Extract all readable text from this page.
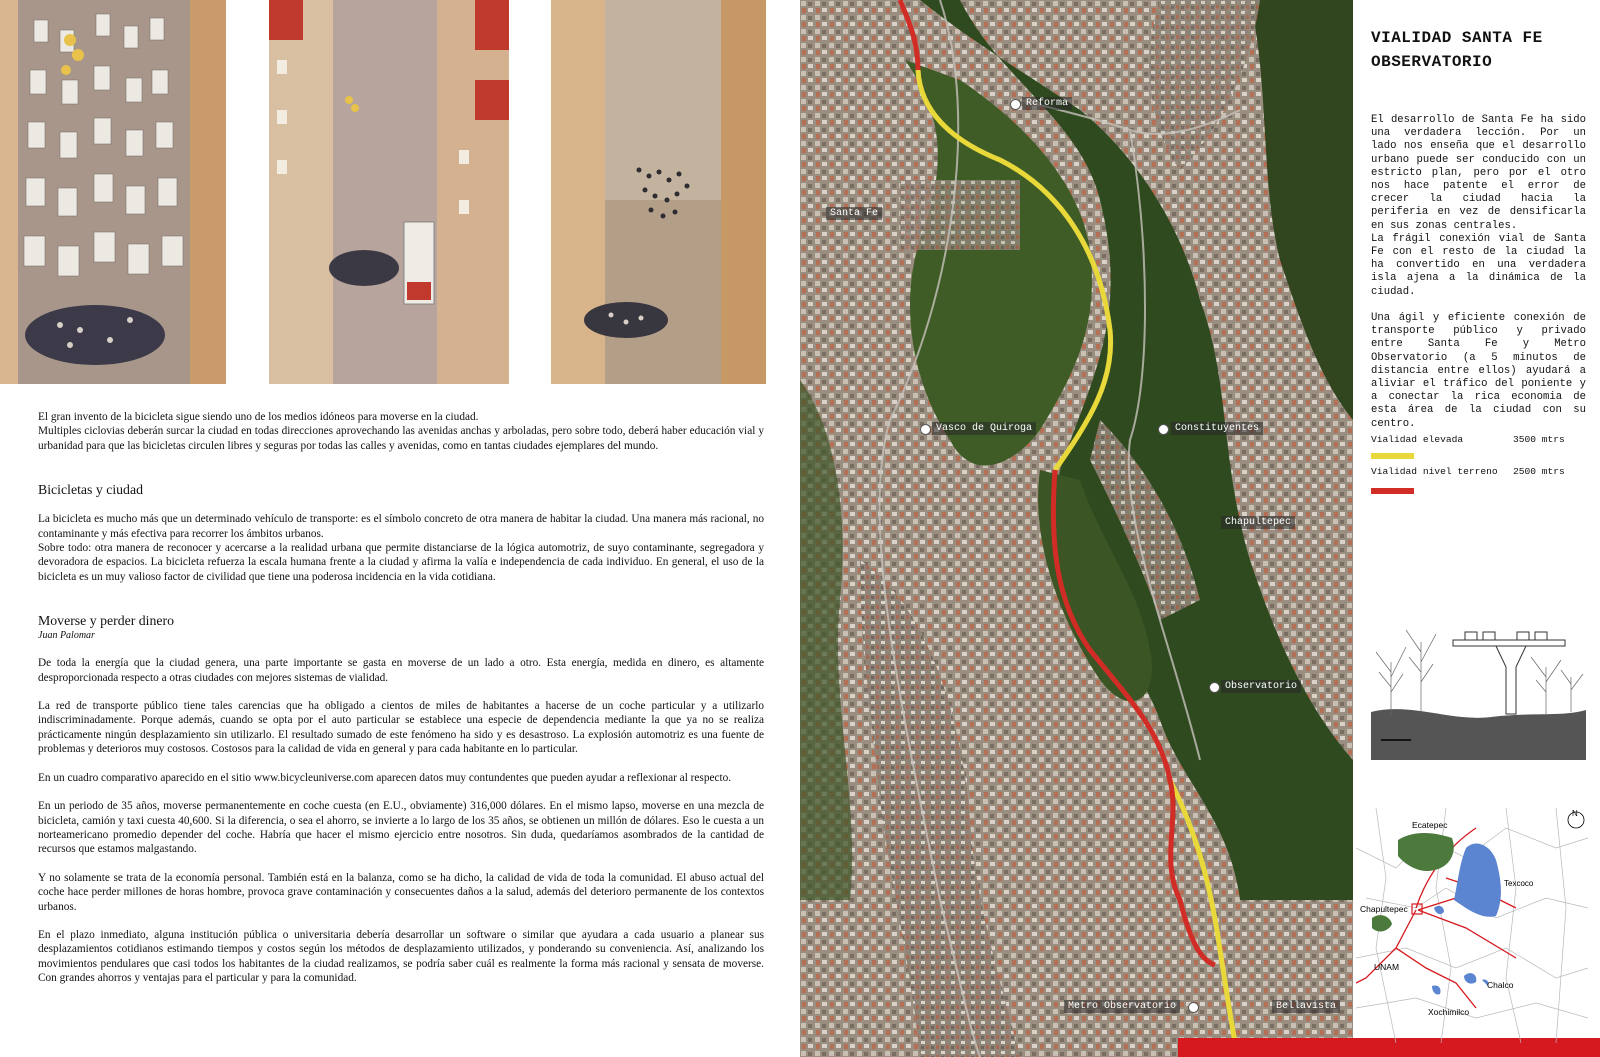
El gran invento de la bicicleta sigue siendo uno de los medios idóneos para moverse en la ciudad.

Multiples ciclovias deberán surcar la ciudad en todas direcciones aprovechando las avenidas anchas y arboladas, pero sobre todo, deberá haber educación vial y urbanidad para que las bicicletas circulen libres y seguras por todas las calles y avenidas, como en tantas ciudades ejemplares del mundo.

Bicicletas y ciudad

La bicicleta es mucho más que un determinado vehículo de transporte: es el símbolo concreto de otra manera de habitar la ciudad. Una manera más racional, no contaminante y más efectiva para recorrer los ámbitos urbanos.

Sobre todo: otra manera de reconocer y acercarse a la realidad urbana que permite distanciarse de la lógica automotriz, de suyo contaminante, segregadora y devoradora de espacios. La bicicleta refuerza la escala humana frente a la ciudad y afirma la valía e independencia de cada individuo. En general, el uso de la bicicleta es un muy valioso factor de civilidad que tiene una poderosa incidencia en la vida cotidiana.

Moverse y perder dinero
Juan Palomar

De toda la energía que la ciudad genera, una parte importante se gasta en moverse de un lado a otro. Esta energía, medida en dinero, es altamente desproporcionada respecto a otras ciudades con mejores sistemas de vialidad.

La red de transporte público tiene tales carencias que ha obligado a cientos de miles de habitantes a hacerse de un coche particular y a utilizarlo indiscriminadamente. Porque además, cuando se opta por el auto particular se establece una especie de dependencia mediante la que ya no se realiza prácticamente ningún desplazamiento sin utilizarlo. El resultado sumado de este fenómeno ha sido y es desastroso. La explosión automotriz es una fuente de problemas y deterioros muy costosos. Costosos para la calidad de vida en general y para cada habitante en lo particular.

En un cuadro comparativo aparecido en el sitio www.bicycleuniverse.com aparecen datos muy contundentes que pueden ayudar a reflexionar al respecto.

En un periodo de 35 años, moverse permanentemente en coche cuesta (en E.U., obviamente) 316,000 dólares. En el mismo lapso, moverse en una mezcla de bicicleta, camión y taxi cuesta 40,600. Si la diferencia, o sea el ahorro, se invierte a lo largo de los 35 años, se obtienen un millón de dólares. Eso le cuesta a un norteamericano promedio depender del coche. Habría que hacer el mismo ejercicio entre nosotros. Sin duda, quedaríamos asombrados de la cantidad de recursos que estamos malgastando.

Y no solamente se trata de la economía personal. También está en la balanza, como se ha dicho, la calidad de vida de toda la comunidad. El abuso actual del coche hace perder millones de horas hombre, provoca grave contaminación y consecuentes daños a la salud, además del deterioro permanente de los contextos urbanos.

En el plazo inmediato, alguna institución pública o universitaria debería desarrollar un software o similar que ayudara a cada usuario a planear sus desplazamientos cotidianos estimando tiempos y costos según los métodos de desplazamiento utilizados, y ponderando su conveniencia. Así, analizando los movimientos pendulares que casi todos los habitantes de la ciudad realizamos, se podría saber cuál es realmente la forma más racional y sensata de moverse. Con grandes ahorros y ventajas para el particular y para la comunidad.

Reforma
Santa Fe
Vasco de Quiroga	Constituyentes
Chapultepec
Observatorio
Metro Observatorio	Bellavista
VIALIDAD SANTA FE
OBSERVATORIO
El desarrollo de Santa Fe ha sido una verdadera lección. Por un lado nos enseña que el desarrollo urbano puede ser conducido con un estricto plan, pero por el otro nos hace patente el error de crecer la ciudad hacia la periferia en vez de densificarla en sus zonas centrales.
La frágil conexión vial de Santa Fe con el resto de la ciudad la ha convertido en una verdadera isla ajena a la dinámica de la ciudad.

Una ágil y eficiente conexión de transporte público y privado entre Santa Fe y Metro Observatorio (a 5 minutos de distancia entre ellos) ayudará a aliviar el tráfico del poniente y a conectar la rica economia de esta área de la ciudad con su centro.
Vialidad elevada	3500 mtrs
Vialidad nivel terreno 2500 mtrs
N
Ecatepec
Texcoco
Chapultepec
UNAM
Chalco
Xochimilco
